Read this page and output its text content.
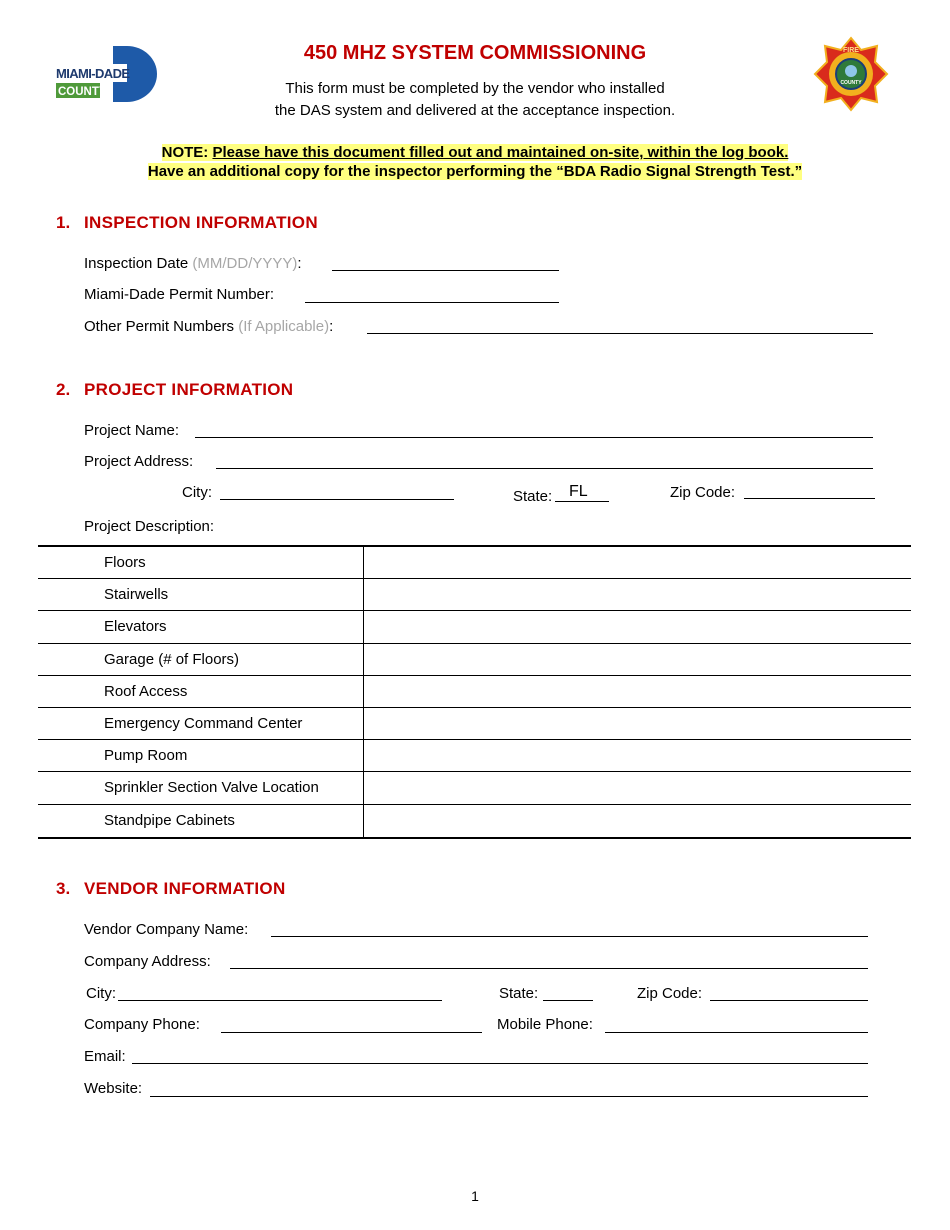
MIAMI-DADE
COUNTY
FIRE
COUNTY
450 MHZ SYSTEM COMMISSIONING
This form must be completed by the vendor who installed
the DAS system and delivered at the acceptance inspection.
NOTE: Please have this document filled out and maintained on-site, within the log book.
Have an additional copy for the inspector performing the “BDA Radio Signal Strength Test.”
1. INSPECTION INFORMATION
Inspection Date (MM/DD/YYYY):
Miami-Dade Permit Number:
Other Permit Numbers (If Applicable):
2. PROJECT INFORMATION
Project Name:
Project Address:
City:	State: FL	Zip Code:
Project Description:
Floors
Stairwells
Elevators
Garage (# of Floors)
Roof Access
Emergency Command Center
Pump Room
Sprinkler Section Valve Location
Standpipe Cabinets
3. VENDOR INFORMATION
Vendor Company Name:
Company Address:
City:	State:	Zip Code:
Company Phone:	Mobile Phone:
Email:
Website:
1
